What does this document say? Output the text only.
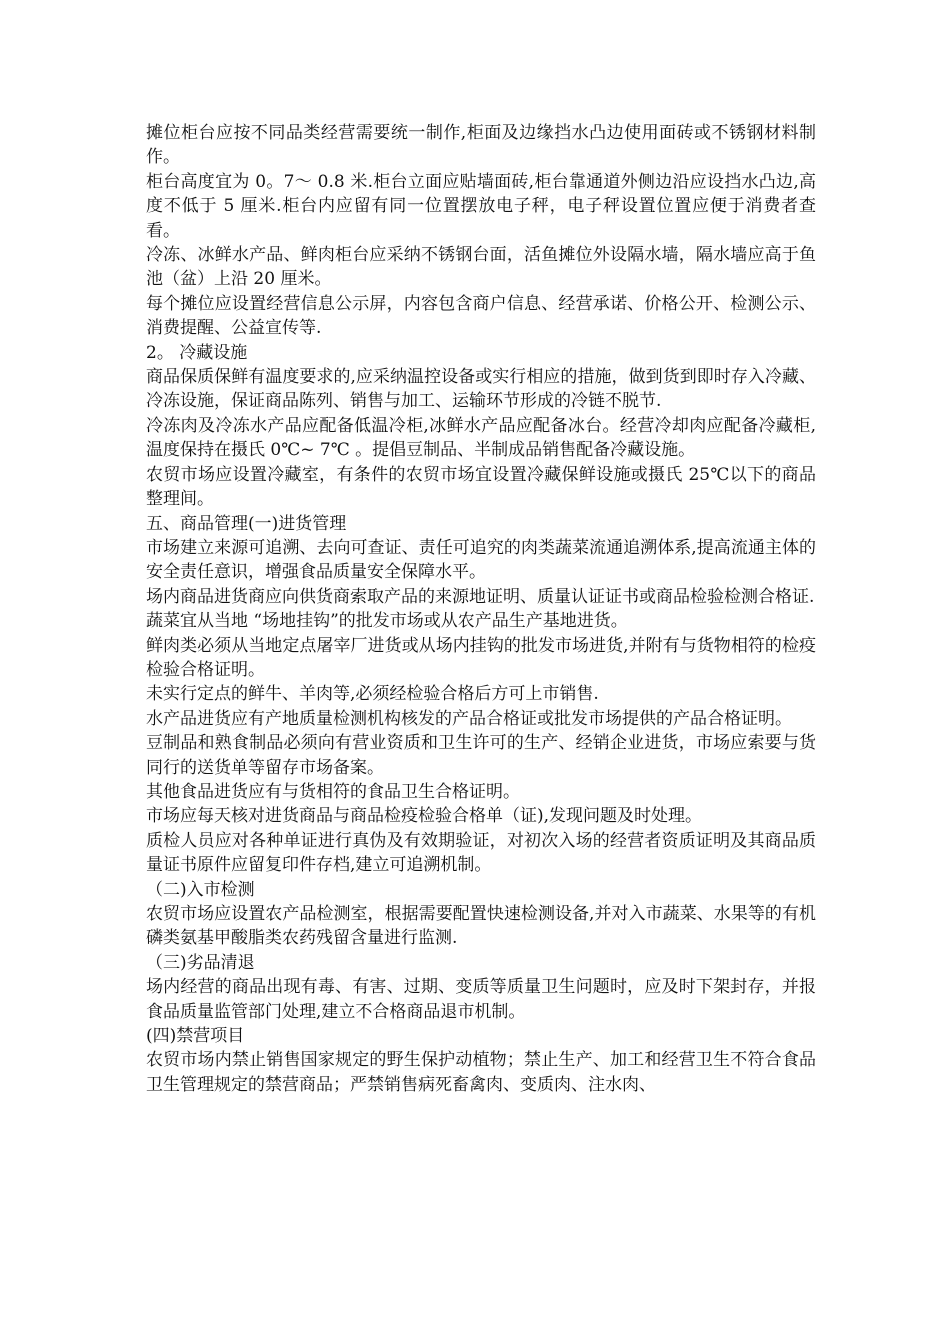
摊位柜台应按不同品类经营需要统一制作,柜面及边缘挡水凸边使用面砖或不锈钢材料制作。

柜台高度宜为 0。7～ 0.8 米.柜台立面应贴墙面砖,柜台靠通道外侧边沿应设挡水凸边,高度不低于 5 厘米.柜台内应留有同一位置摆放电子秤，电子秤设置位置应便于消费者查看。

冷冻、冰鲜水产品、鲜肉柜台应采纳不锈钢台面，活鱼摊位外设隔水墙，隔水墙应高于鱼池（盆）上沿 20 厘米。

每个摊位应设置经营信息公示屏，内容包含商户信息、经营承诺、价格公开、检测公示、消费提醒、公益宣传等.

2。 冷藏设施

商品保质保鲜有温度要求的,应采纳温控设备或实行相应的措施，做到货到即时存入冷藏、冷冻设施，保证商品陈列、销售与加工、运输环节形成的冷链不脱节.

冷冻肉及冷冻水产品应配备低温冷柜,冰鲜水产品应配备冰台。经营冷却肉应配备冷藏柜,温度保持在摄氏 0℃~ 7℃ 。提倡豆制品、半制成品销售配备冷藏设施。

农贸市场应设置冷藏室，有条件的农贸市场宜设置冷藏保鲜设施或摄氏 25℃以下的商品整理间。

五、商品管理(一)进货管理

市场建立来源可追溯、去向可查证、责任可追究的肉类蔬菜流通追溯体系,提高流通主体的安全责任意识，增强食品质量安全保障水平。

场内商品进货商应向供货商索取产品的来源地证明、质量认证证书或商品检验检测合格证.

蔬菜宜从当地 “场地挂钩”的批发市场或从农产品生产基地进货。

鲜肉类必须从当地定点屠宰厂进货或从场内挂钩的批发市场进货,并附有与货物相符的检疫检验合格证明。

未实行定点的鲜牛、羊肉等,必须经检验合格后方可上市销售.

水产品进货应有产地质量检测机构核发的产品合格证或批发市场提供的产品合格证明。

豆制品和熟食制品必须向有营业资质和卫生许可的生产、经销企业进货，市场应索要与货同行的送货单等留存市场备案。

其他食品进货应有与货相符的食品卫生合格证明。

市场应每天核对进货商品与商品检疫检验合格单（证),发现问题及时处理。

质检人员应对各种单证进行真伪及有效期验证，对初次入场的经营者资质证明及其商品质量证书原件应留复印件存档,建立可追溯机制。

（二)入市检测

农贸市场应设置农产品检测室，根据需要配置快速检测设备,并对入市蔬菜、水果等的有机磷类氨基甲酸脂类农药残留含量进行监测.

（三)劣品清退

场内经营的商品出现有毒、有害、过期、变质等质量卫生问题时，应及时下架封存，并报食品质量监管部门处理,建立不合格商品退市机制。

(四)禁营项目

农贸市场内禁止销售国家规定的野生保护动植物；禁止生产、加工和经营卫生不符合食品卫生管理规定的禁营商品；严禁销售病死畜禽肉、变质肉、注水肉、
